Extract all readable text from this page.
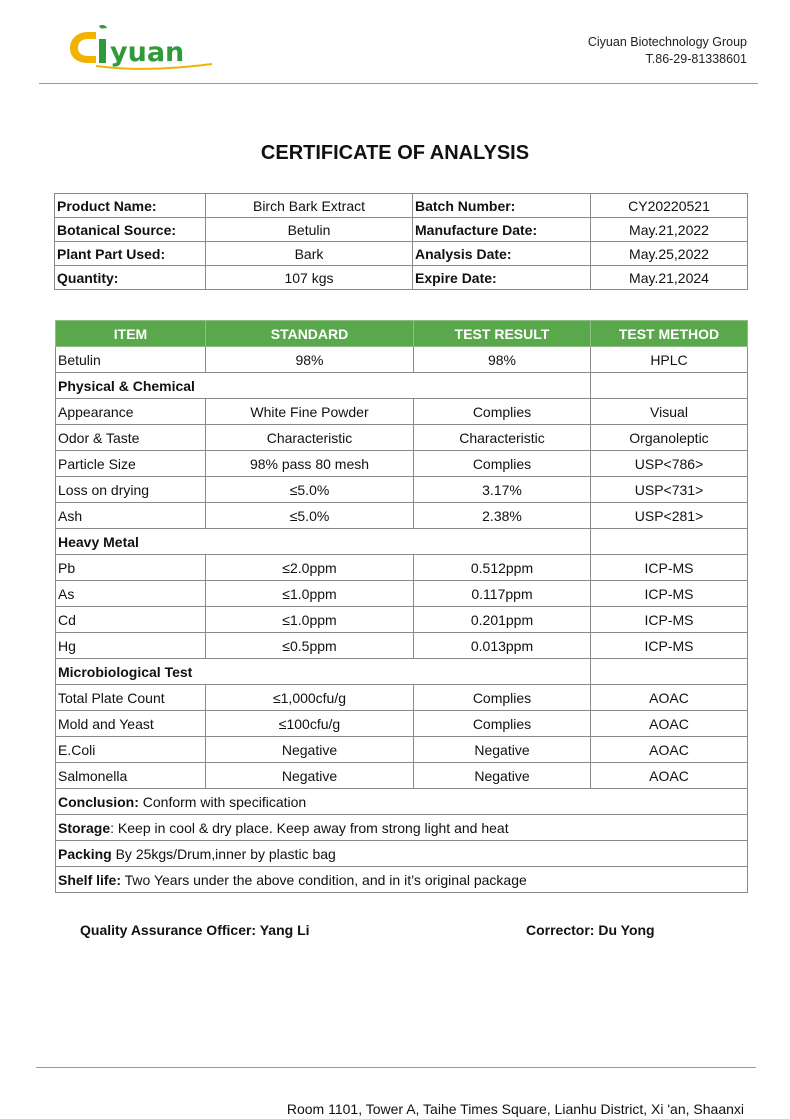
yuan	Ciyuan Biotechnology Group
T.86-29-81338601
CERTIFICATE OF ANALYSIS
Product Name:	Birch Bark Extract	Batch Number:	CY20220521
Botanical Source:	Betulin	Manufacture Date:	May.21,2022
Plant Part Used:	Bark	Analysis Date:	May.25,2022
Quantity:	107 kgs	Expire Date:	May.21,2024
ITEM	STANDARD	TEST RESULT	TEST METHOD
Betulin	98%	98%	HPLC
Physical & Chemical			
Appearance	White Fine Powder	Complies	Visual
Odor & Taste	Characteristic	Characteristic	Organoleptic
Particle Size	98% pass 80 mesh	Complies	USP<786>
Loss on drying	≤5.0%	3.17%	USP<731>
Ash	≤5.0%	2.38%	USP<281>
Heavy Metal			
Pb	≤2.0ppm	0.512ppm	ICP-MS
As	≤1.0ppm	0.117ppm	ICP-MS
Cd	≤1.0ppm	0.201ppm	ICP-MS
Hg	≤0.5ppm	0.013ppm	ICP-MS
Microbiological Test			
Total Plate Count	≤1,000cfu/g	Complies	AOAC
Mold and Yeast	≤100cfu/g	Complies	AOAC
E.Coli	Negative	Negative	AOAC
Salmonella	Negative	Negative	AOAC
Conclusion: Conform with specification			
Storage: Keep in cool & dry place. Keep away from strong light and heat			
Packing By 25kgs/Drum,inner by plastic bag			
Shelf life: Two Years under the above condition, and in it’s original package			
Quality Assurance Officer: Yang Li	Corrector: Du Yong
Room 1101, Tower A, Taihe Times Square, Lianhu District, Xi 'an, Shaanxi
